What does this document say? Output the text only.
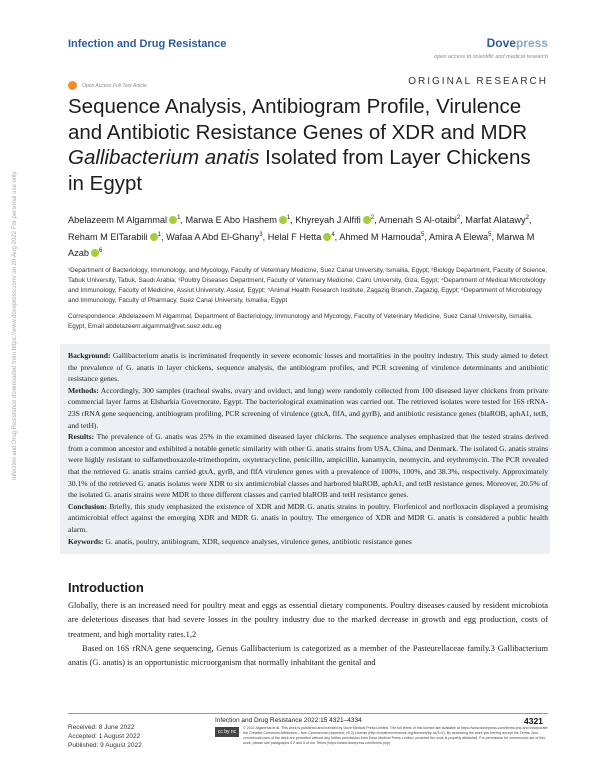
Infection and Drug Resistance	Dovepress
open access to scientific and medical research
ORIGINAL RESEARCH
Open Access Full Text Article
Sequence Analysis, Antibiogram Profile, Virulence
and Antibiotic Resistance Genes of XDR and MDR
Gallibacterium anatis Isolated from Layer Chickens
in Egypt
Abelazeem M Algammal $^1$, Marwa E Abo Hashem $^1$, Khyreyah J Alfifi $^2$, Amenah S Al-otaibi$^2$, Marfat Alatawy$^2$, Reham M ElTarabili $^1$, Wafaa A Abd El-Ghany$^3$, Helal F Hetta $^4$, Ahmed M Hamouda$^5$, Amira A Elewa$^5$, Marwa M Azab $^6$
¹Department of Bacteriology, Immunology, and Mycology, Faculty of Veterinary Medicine, Suez Canal University, Ismailia, Egypt; ²Biology Department, Faculty of Science, Tabuk University, Tabuk, Saudi Arabia; ³Poultry Diseases Department, Faculty of Veterinary Medicine, Cairo University, Giza, Egypt; ⁴Department of Medical Microbiology and Immunology, Faculty of Medicine, Assiut University, Assiut, Egypt; ⁵Animal Health Research Institute, Zagazig Branch, Zagazig, Egypt; ⁶Department of Microbiology and Immunology, Faculty of Pharmacy, Suez Canal University, Ismailia, Egypt
Correspondence: Abdelazeem M Algammal, Department of Bacteriology, Immunology and Mycology, Faculty of Veterinary Medicine, Suez Canal University, Ismailia, Egypt, Email abdelazeem.algammal@vet.suez.edu.eg

Background: Gallibacterium anatis is incriminated frequently in severe economic losses and mortalities in the poultry industry. This study aimed to detect the prevalence of G. anatis in layer chickens, sequence analysis, the antibiogram profiles, and PCR screening of virulence determinants and antibiotic resistance genes.

Methods: Accordingly, 300 samples (tracheal swabs, ovary and oviduct, and lung) were randomly collected from 100 diseased layer chickens from private commercial layer farms at Elsharkia Governorate, Egypt. The bacteriological examination was carried out. The retrieved isolates were tested for 16S rRNA-23S rRNA gene sequencing, antibiogram profiling, PCR screening of virulence (gtxA, flfA, and gyrB), and antibiotic resistance genes (blaROB, aphA1, tetB, and tetH).

Results: The prevalence of G. anatis was 25% in the examined diseased layer chickens. The sequence analyses emphasized that the tested strains derived from a common ancestor and exhibited a notable genetic similarity with other G. anatis strains from USA, China, and Denmark. The isolated G. anatis strains were highly resistant to sulfamethoxazole-trimethoprim, oxytetracycline, penicillin, ampicillin, kanamycin, neomycin, and erythromycin. The PCR revealed that the retrieved G. anatis strains carried gtxA, gyrB, and flfA virulence genes with a prevalence of 100%, 100%, and 38.3%, respectively. Approximately 30.1% of the retrieved G. anatis isolates were XDR to six antimicrobial classes and harbored blaROB, aphA1, and tetB resistance genes. Moreover, 20.5% of the isolated G. anatis strains were MDR to three different classes and carried blaROB and tetH resistance genes.

Conclusion: Briefly, this study emphasized the existence of XDR and MDR G. anatis strains in poultry. Florfenicol and norfloxacin displayed a promising antimicrobial effect against the emerging XDR and MDR G. anatis in poultry. The emergence of XDR and MDR G. anatis is considered a public health alarm.

Keywords: G. anatis, poultry, antibiogram, XDR, sequence analyses, virulence genes, antibiotic resistance genes

Introduction

Globally, there is an increased need for poultry meat and eggs as essential dietary components. Poultry diseases caused by resident microbiota are deleterious diseases that had severe losses in the poultry industry due to the marked decrease in growth and egg production, costs of treatment, and high mortality rates.1,2

Based on 16S rRNA gene sequencing, Genus Gallibacterium is categorized as a member of the Pasteurellaceae family.3 Gallibacterium anatis (G. anatis) is an opportunistic microorganism that normally inhabitant the genital and

Received: 8 June 2022
Accepted: 1 August 2022
Published: 9 August 2022
Infection and Drug Resistance 2022:15 4321–4334	4321
cc by nc
© 2022 Algammal et al. This work is published and licensed by Dove Medical Press Limited. The full terms of this license are available at https://www.dovepress.com/terms.php and incorporate the Creative Commons Attribution – Non Commercial (unported, v3.0) License (http://creativecommons.org/licenses/by-nc/3.0/). By accessing the work you hereby accept the Terms. Non-commercial uses of the work are permitted without any further permission from Dove Medical Press Limited, provided the work is properly attributed. For permission for commercial use of this work, please see paragraphs 4.2 and 5 of our Terms (https://www.dovepress.com/terms.php).
Infection and Drug Resistance downloaded from https://www.dovepress.com/ on 20-Aug-2022 For personal use only.
